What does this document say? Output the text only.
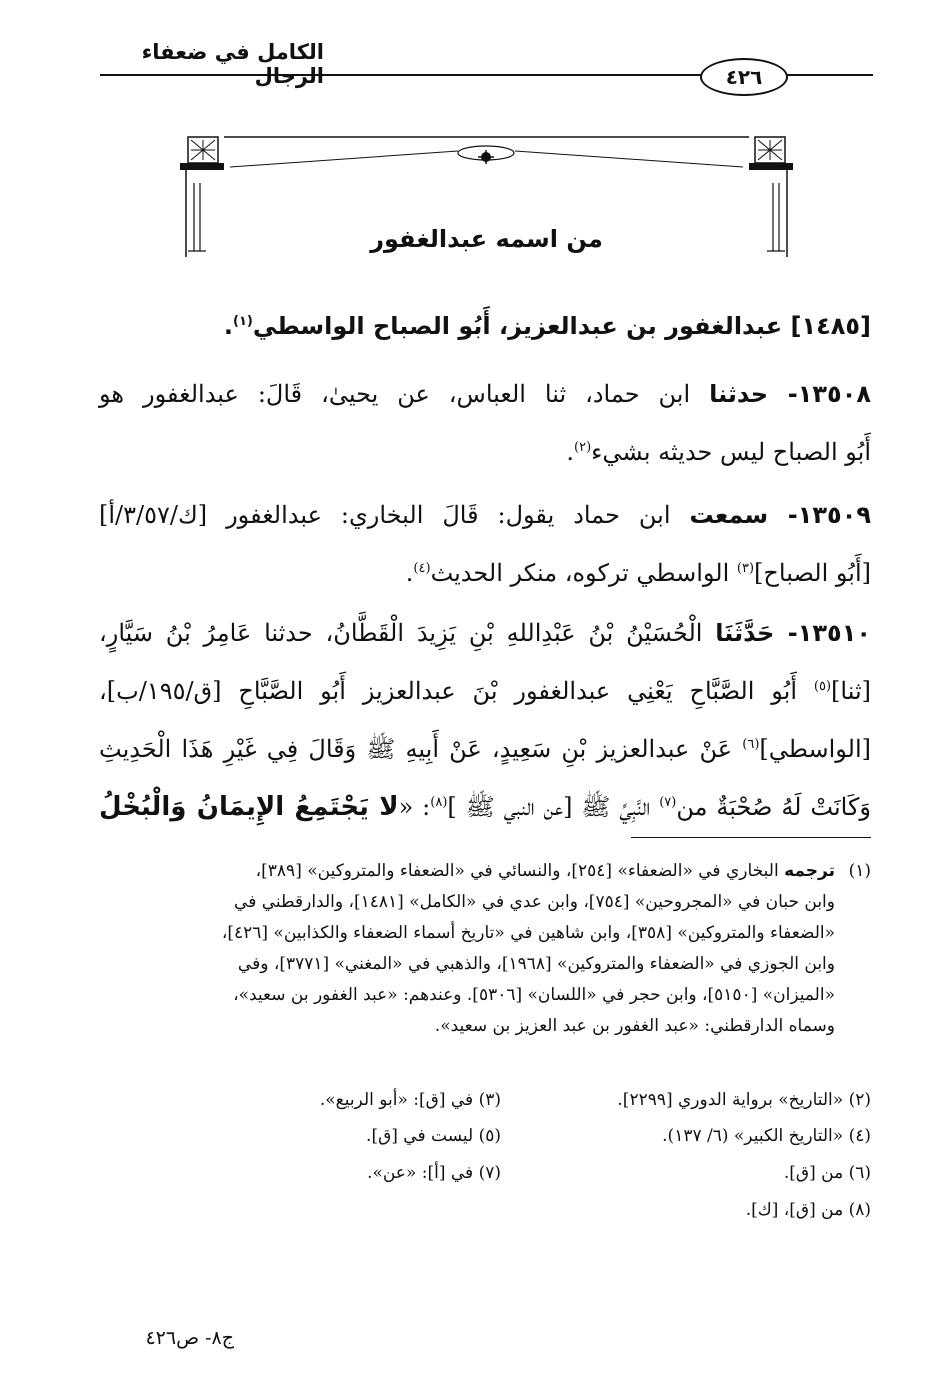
الكامل في ضعفاء الرجال	٤٢٦
من اسمه عبدالغفور
[١٤٨٥] عبدالغفور بن عبدالعزيز، أَبُو الصباح الواسطي$^{(١)}$.
١٣٥٠٨- حدثنا ابن حماد، ثنا العباس، عن يحيىٰ، قَالَ: عبدالغفور هو
أَبُو الصباح ليس حديثه بشيء$^{(٢)}$.
١٣٥٠٩- سمعت ابن حماد يقول: قَالَ البخاري: عبدالغفور [ك/٣/٥٧/أ]
[أَبُو الصباح]$^{(٣)}$ الواسطي تركوه، منكر الحديث$^{(٤)}$.
١٣٥١٠- حَدَّثَنَا الْحُسَيْنُ بْنُ عَبْدِاللهِ بْنِ يَزِيدَ الْقَطَّانُ، حدثنا عَامِرُ بْنُ سَيَّارٍ،
[ثنا]$^{(٥)}$ أَبُو الصَّبَّاحِ يَعْنِي عبدالغفور بْنَ عبدالعزيز أَبُو الصَّبَّاحِ [ق/١٩٥/ب]،
[الواسطي]$^{(٦)}$ عَنْ عبدالعزيز بْنِ سَعِيدٍ، عَنْ أَبِيهِ ﷺ وَقَالَ فِي غَيْرِ هَذَا الْحَدِيثِ
وَكَانَتْ لَهُ صُحْبَةٌ من$^{(٧)}$ النَّبِيِّ ﷺ [عن النبي ﷺ ]$^{(٨)}$: «لا يَجْتَمِعُ الإِيمَانُ وَالْبُخْلُ
(١)ترجمه البخاري في «الضعفاء» [٢٥٤]، والنسائي في «الضعفاء والمتروكين» [٣٨٩]،
وابن حبان في «المجروحين» [٧٥٤]، وابن عدي في «الكامل» [١٤٨١]، والدارقطني في
«الضعفاء والمتروكين» [٣٥٨]، وابن شاهين في «تاريخ أسماء الضعفاء والكذابين» [٤٢٦]،
وابن الجوزي في «الضعفاء والمتروكين» [١٩٦٨]، والذهبي في «المغني» [٣٧٧١]، وفي
«الميزان» [٥١٥٠]، وابن حجر في «اللسان» [٥٣٠٦]. وعندهم: «عبد الغفور بن سعيد»،
وسماه الدارقطني: «عبد الغفور بن عبد العزيز بن سعيد».
(٢) «التاريخ» برواية الدوري [٢٢٩٩].
(٣) في [ق]: «أبو الربيع».
(٤) «التاريخ الكبير» (٦/ ١٣٧).
(٥) ليست في [ق].
(٦) من [ق].
(٧) في [أ]: «عن».
(٨) من [ق]، [ك].
ج٨- ص٤٢٦
